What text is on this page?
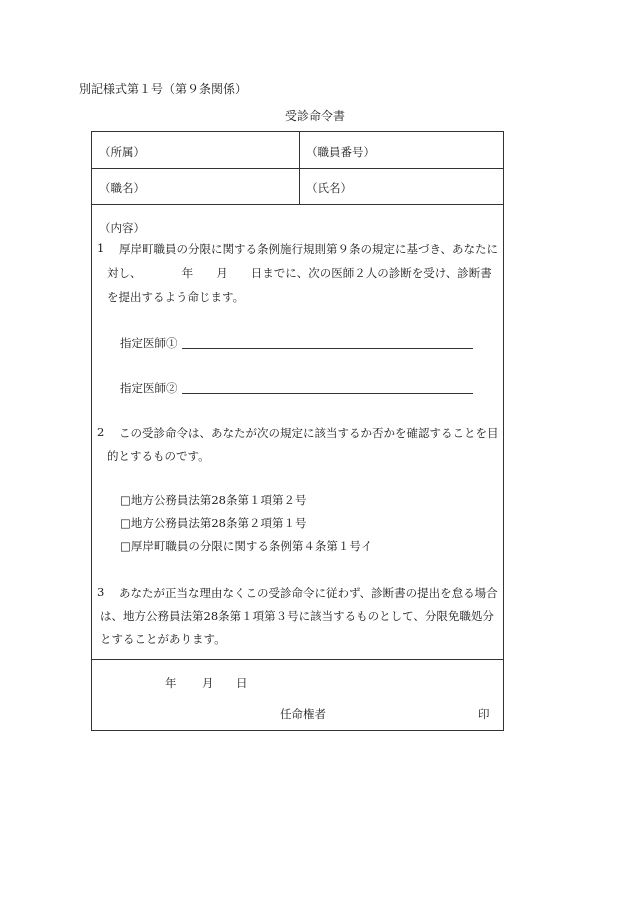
別記様式第１号（第９条関係）
受診命令書
（所属）	（職員番号）
（職名）	（氏名）
（内容）
1 厚岸町職員の分限に関する条例施行規則第９条の規定に基づき、あなたに
対し、　　　　年　　月　　日までに、次の医師２人の診断を受け、診断書
を提出するよう命じます。
指定医師①
指定医師②
2 この受診命令は、あなたが次の規定に該当するか否かを確認することを目
的とするものです。
□地方公務員法第28条第１項第２号
□地方公務員法第28条第２項第１号
□厚岸町職員の分限に関する条例第４条第１号イ
3 あなたが正当な理由なくこの受診命令に従わず、診断書の提出を怠る場合
は、地方公務員法第28条第１項第３号に該当するものとして、分限免職処分
とすることがあります。
年 月 日
任命権者	印
